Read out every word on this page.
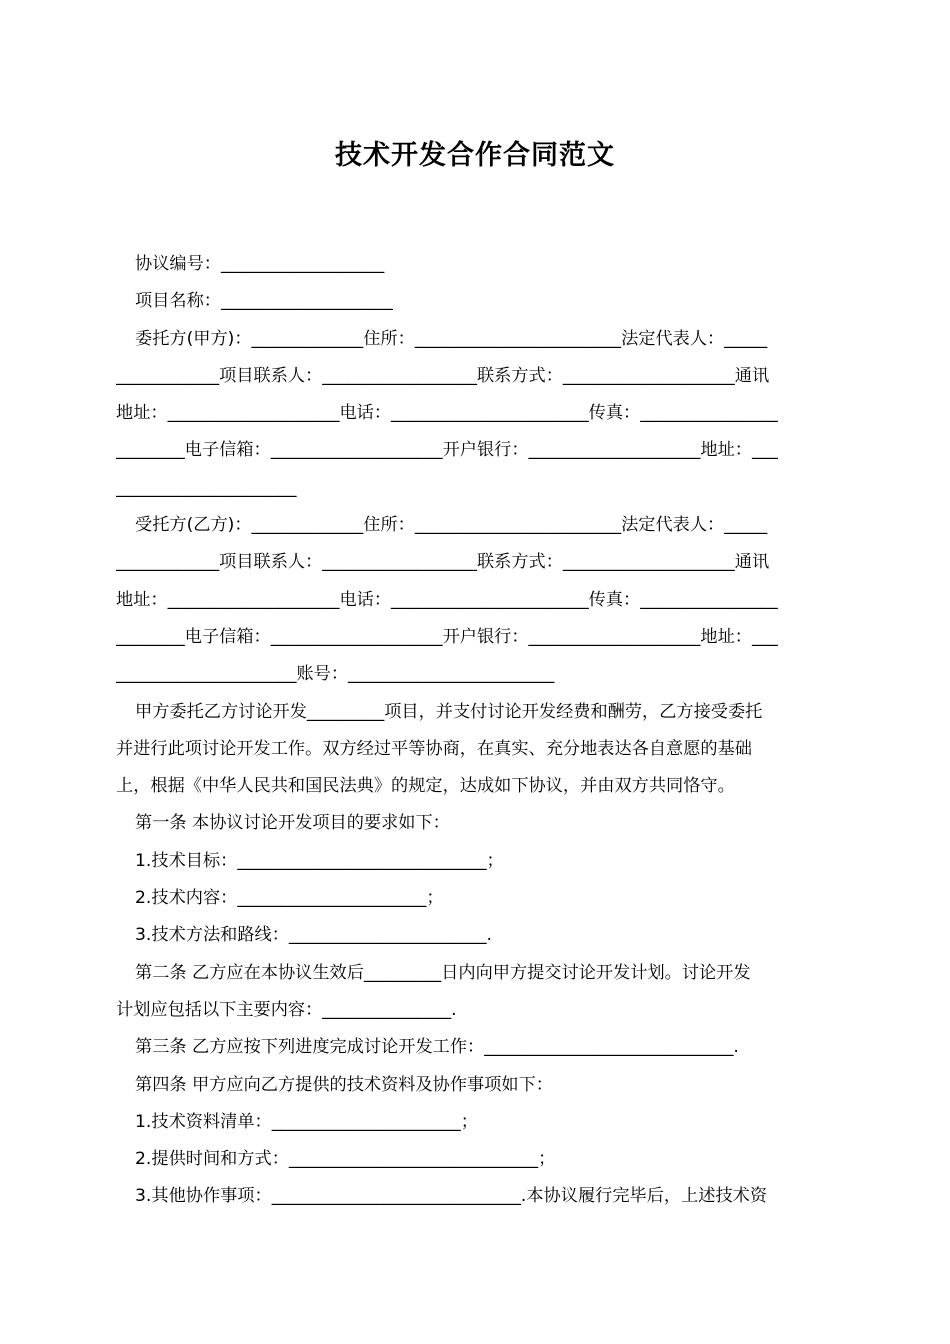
技术开发合作合同范文
协议编号：___________________
项目名称：____________________
委托方(甲方)：_____________住所：________________________法定代表人：_____
____________项目联系人：__________________联系方式：____________________通讯
地址：____________________电话：_______________________传真：________________
________电子信箱：____________________开户银行：____________________地址：___
_____________________
受托方(乙方)：_____________住所：________________________法定代表人：_____
____________项目联系人：__________________联系方式：____________________通讯
地址：____________________电话：_______________________传真：________________
________电子信箱：____________________开户银行：____________________地址：___
_____________________账号：________________________
甲方委托乙方讨论开发_________项目，并支付讨论开发经费和酬劳，乙方接受委托
并进行此项讨论开发工作。双方经过平等协商，在真实、充分地表达各自意愿的基础
上，根据《中华人民共和国民法典》的规定，达成如下协议，并由双方共同恪守。
第一条 本协议讨论开发项目的要求如下：
1.技术目标：_____________________________；
2.技术内容：______________________；
3.技术方法和路线：_______________________.
第二条 乙方应在本协议生效后_________日内向甲方提交讨论开发计划。讨论开发
计划应包括以下主要内容：_______________.
第三条 乙方应按下列进度完成讨论开发工作：_____________________________.
第四条 甲方应向乙方提供的技术资料及协作事项如下：
1.技术资料清单：______________________；
2.提供时间和方式：_____________________________；
3.其他协作事项：_____________________________.本协议履行完毕后，上述技术资
